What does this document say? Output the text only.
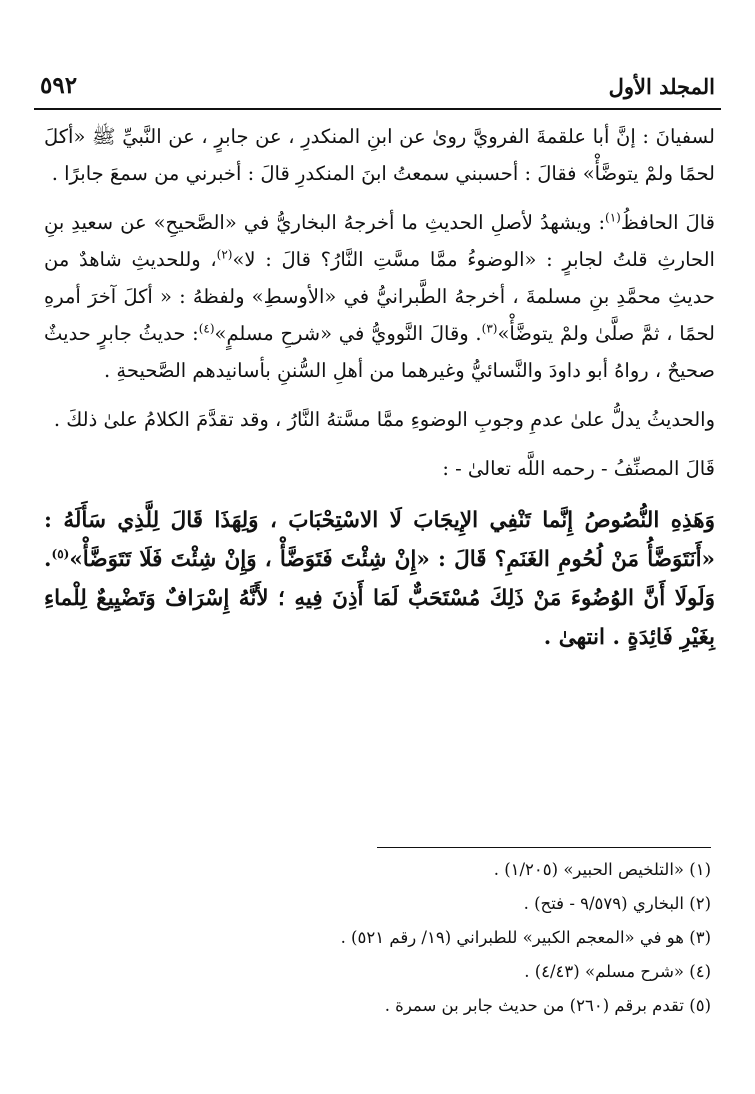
المجلد الأول
٥٩٢

لسفيانَ : إنَّ أبا علقمةَ الفرويَّ روىٰ عن ابنِ المنكدرِ ، عن جابرٍ ، عن النَّبيِّ ﷺ «أكلَ لحمًا ولمْ يتوضَّأْ» فقالَ : أحسبني سمعتُ ابنَ المنكدرِ قالَ : أخبرني من سمعَ جابرًا .

قالَ الحافظُ$^{(١)}$: ويشهدُ لأصلِ الحديثِ ما أخرجهُ البخاريُّ في «الصَّحيحِ» عن سعيدِ بنِ الحارثِ قلتُ لجابرٍ : «الوضوءُ ممَّا مسَّتِ النَّارُ؟ قالَ : لا»$^{(٢)}$، وللحديثِ شاهدٌ من حديثِ محمَّدِ بنِ مسلمةَ ، أخرجهُ الطَّبرانيُّ في «الأوسطِ» ولفظهُ : « أكلَ آخرَ أمرهِ لحمًا ، ثمَّ صلَّىٰ ولمْ يتوضَّأْ»$^{(٣)}$. وقالَ النَّوويُّ في «شرحِ مسلمٍ»$^{(٤)}$: حديثُ جابرٍ حديثٌ صحيحٌ ، رواهُ أبو داودَ والنَّسائيُّ وغيرهما من أهلِ السُّننِ بأسانيدهم الصَّحيحةِ .

والحديثُ يدلُّ علىٰ عدمِ وجوبِ الوضوءِ ممَّا مسَّتهُ النَّارُ ، وقد تقدَّمَ الكلامُ علىٰ ذلكَ .

قَالَ المصنِّفُ - رحمه اللَّه تعالىٰ - :

وَهَذِهِ النُّصُوصُ إِنَّما تَنْفِي الإِيجَابَ لَا الاسْتِحْبَابَ ، وَلِهَذَا قَالَ لِلَّذِي سَأَلَهُ : «أَنَتَوَضَّأُ مَنْ لُحُومِ الغَنَمِ؟ قَالَ : «إِنْ شِئْتَ فَتَوَضَّأْ ، وَإِنْ شِئْتَ فَلَا تَتَوَضَّأْ»$^{(٥)}$. وَلَولَا أَنَّ الوُضُوءَ مَنْ ذَلِكَ مُسْتَحَبٌّ لَمَا أَذِنَ فِيهِ ؛ لأَنَّهُ إِسْرَافٌ وَتَضْيِيعٌ لِلْماءِ بِغَيْرِ فَائِدَةٍ . انتهىٰ .

(١) «التلخيص الحبير» (١/٢٠٥) .

(٢) البخاري (٩/٥٧٩ - فتح) .

(٣) هو في «المعجم الكبير» للطبراني (١٩/ رقم ٥٢١) .

(٤) «شرح مسلم» (٤/٤٣) .

(٥) تقدم برقم (٢٦٠) من حديث جابر بن سمرة .
